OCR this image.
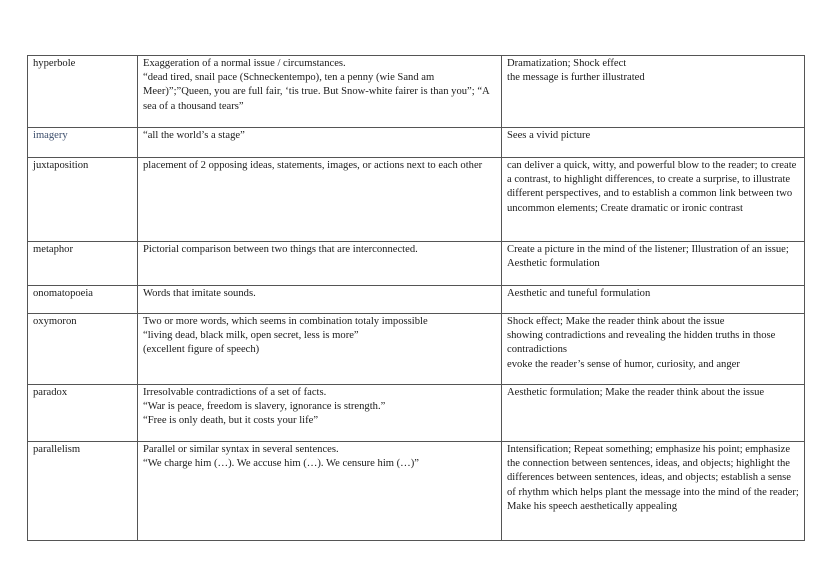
hyperbole	Exaggeration of a normal issue / circumstances.
“dead tired, snail pace (Schneckentempo), ten a penny (wie Sand am Meer)”;”Queen, you are full fair, ‘tis true. But Snow-white fairer is than you”; “A sea of a thousand tears”	Dramatization; Shock effect
the message is further illustrated

imagery	“all the world’s a stage”	Sees a vivid picture

juxtaposition	placement of 2 opposing ideas, statements, images, or actions next to each other	can deliver a quick, witty, and powerful blow to the reader; to create a contrast, to highlight differences, to create a surprise, to illustrate different perspectives, and to establish a common link between two uncommon elements; Create dramatic or ironic contrast

metaphor	Pictorial comparison between two things that are interconnected.	Create a picture in the mind of the listener; Illustration of an issue; Aesthetic formulation

onomatopoeia	Words that imitate sounds.	Aesthetic and tuneful formulation

oxymoron	Two or more words, which seems in combination totaly impossible
“living dead, black milk, open secret, less is more”
(excellent figure of speech)	Shock effect; Make the reader think about the issue
showing contradictions and revealing the hidden truths in those contradictions
evoke the reader’s sense of humor, curiosity, and anger

paradox	Irresolvable contradictions of a set of facts.
“War is peace, freedom is slavery, ignorance is strength.”
“Free is only death, but it costs your life”	Aesthetic formulation; Make the reader think about the issue

parallelism	Parallel or similar syntax in several sentences.
“We charge him (…). We accuse him (…). We censure him (…)”	Intensification; Repeat something; emphasize his point; emphasize the connection between sentences, ideas, and objects; highlight the differences between sentences, ideas, and objects; establish a sense of rhythm which helps plant the message into the mind of the reader; Make his speech aesthetically appealing
